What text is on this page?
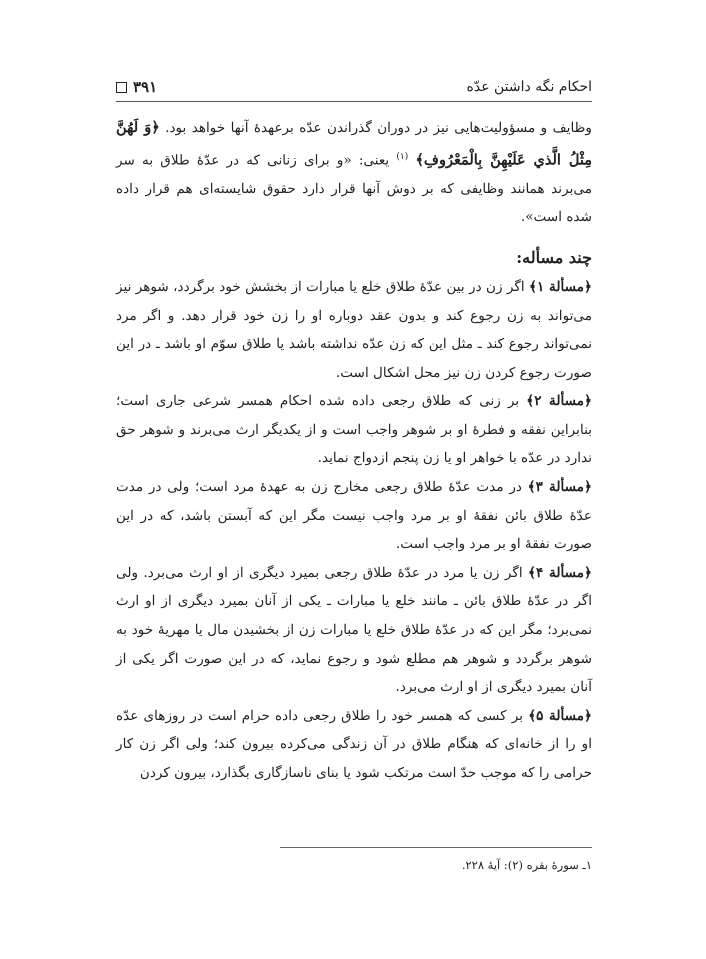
احکام نگه داشتن عدّه
۳۹۱

وظایف و مسؤولیت‌هایی نیز در دوران گذراندن عدّه برعهدهٔ آنها خواهد بود. ﴿وَ لَهُنَّ مِثْلُ الَّذي عَلَيْهِنَّ بِالْمَعْرُوفِ﴾ $^{(۱)}$ یعنی: «و برای زنانی که در عدّهٔ طلاق به سر می‌برند همانند وظایفی که بر دوش آنها قرار دارد حقوق شایسته‌ای هم قرار داده شده است».

چند مسأله:

﴿مسألة ۱﴾ اگر زن در بین عدّهٔ طلاق خلع یا مبارات از بخشش خود برگردد، شوهر نیز می‌تواند به زن رجوع کند و بدون عقد دوباره او را زن خود قرار دهد. و اگر مرد نمی‌تواند رجوع کند ـ مثل این که زن عدّه نداشته باشد یا طلاق سوّم او باشد ـ در این صورت رجوع کردن زن نیز محل اشکال است.

﴿مسألة ۲﴾ بر زنی که طلاق رجعی داده شده احکام همسر شرعی جاری است؛ بنابراین نفقه و فطرهٔ او بر شوهر واجب است و از یکدیگر ارث می‌برند و شوهر حق ندارد در عدّه با خواهر او یا زن پنجم ازدواج نماید.

﴿مسألة ۳﴾ در مدت عدّهٔ طلاق رجعی مخارج زن به عهدهٔ مرد است؛ ولی در مدت عدّهٔ طلاق بائن نفقهٔ او بر مرد واجب نیست مگر این که آبستن باشد، که در این صورت نفقهٔ او بر مرد واجب است.

﴿مسألة ۴﴾ اگر زن یا مرد در عدّهٔ طلاق رجعی بمیرد دیگری از او ارث می‌برد. ولی اگر در عدّهٔ طلاق بائن ـ مانند خلع یا مبارات ـ یکی از آنان بمیرد دیگری از او ارث نمی‌برد؛ مگر این که در عدّهٔ طلاق خلع یا مبارات زن از بخشیدن مال یا مهریهٔ خود به شوهر برگردد و شوهر هم مطلع شود و رجوع نماید، که در این صورت اگر یکی از آنان بمیرد دیگری از او ارث می‌برد.

﴿مسألة ۵﴾ بر کسی که همسر خود را طلاق رجعی داده حرام است در روزهای عدّه او را از خانه‌ای که هنگام طلاق در آن زندگی می‌کرده بیرون کند؛ ولی اگر زن کار حرامی را که موجب حدّ است مرتکب شود یا بنای ناسازگاری بگذارد، بیرون کردن

۱ـ سورهٔ بقره (۲): آیهٔ ۲۲۸.
